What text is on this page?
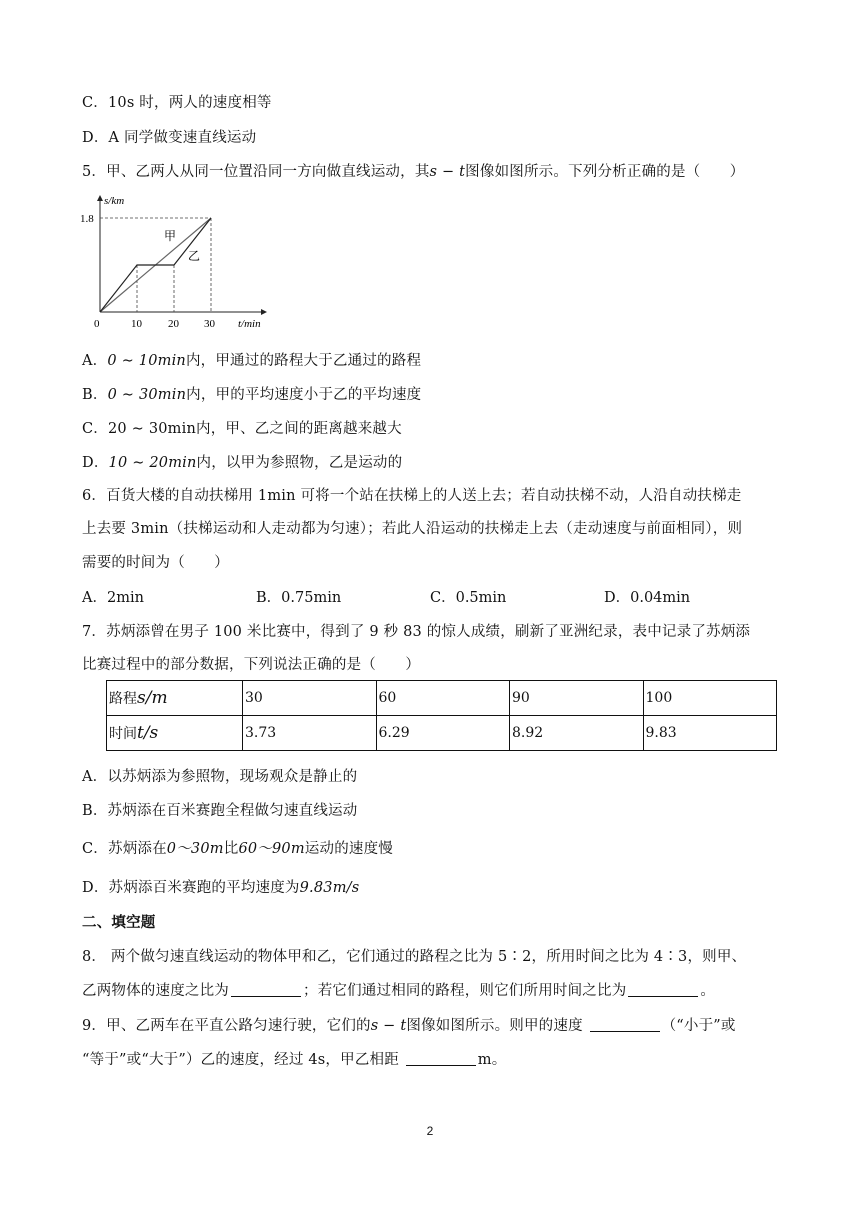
C．10s 时，两人的速度相等
D．A 同学做变速直线运动
5．甲、乙两人从同一位置沿同一方向做直线运动，其s − t图像如图所示。下列分析正确的是（　　）
s/km
t/min
1.8
0	10 20 30
甲
乙
A．0 ∼ 10min内，甲通过的路程大于乙通过的路程
B．0 ∼ 30min内，甲的平均速度小于乙的平均速度
C．20 ∼ 30min内，甲、乙之间的距离越来越大
D．10 ∼ 20min内，以甲为参照物，乙是运动的
6．百货大楼的自动扶梯用 1min 可将一个站在扶梯上的人送上去；若自动扶梯不动，人沿自动扶梯走
上去要 3min（扶梯运动和人走动都为匀速）；若此人沿运动的扶梯走上去（走动速度与前面相同），则
需要的时间为（　　）
A．2min	B．0.75min	C．0.5min	D．0.04min
7．苏炳添曾在男子 100 米比赛中，得到了 9 秒 83 的惊人成绩，刷新了亚洲纪录，表中记录了苏炳添
比赛过程中的部分数据，下列说法正确的是（　　）
路程s/m	30	60	90	100
时间t/s	3.73	6.29	8.92	9.83
A．以苏炳添为参照物，现场观众是静止的
B．苏炳添在百米赛跑全程做匀速直线运动
C．苏炳添在0～30m比60～90m运动的速度慢
D．苏炳添百米赛跑的平均速度为9.83m/s
二、填空题
8． 两个做匀速直线运动的物体甲和乙，它们通过的路程之比为 5∶2，所用时间之比为 4∶3，则甲、
乙两物体的速度之比为	；若它们通过相同的路程，则它们所用时间之比为	。
9．甲、乙两车在平直公路匀速行驶，它们的s − t图像如图所示。则甲的速度	（“小于”或
“等于”或“大于”）乙的速度，经过 4s，甲乙相距	m。
2
